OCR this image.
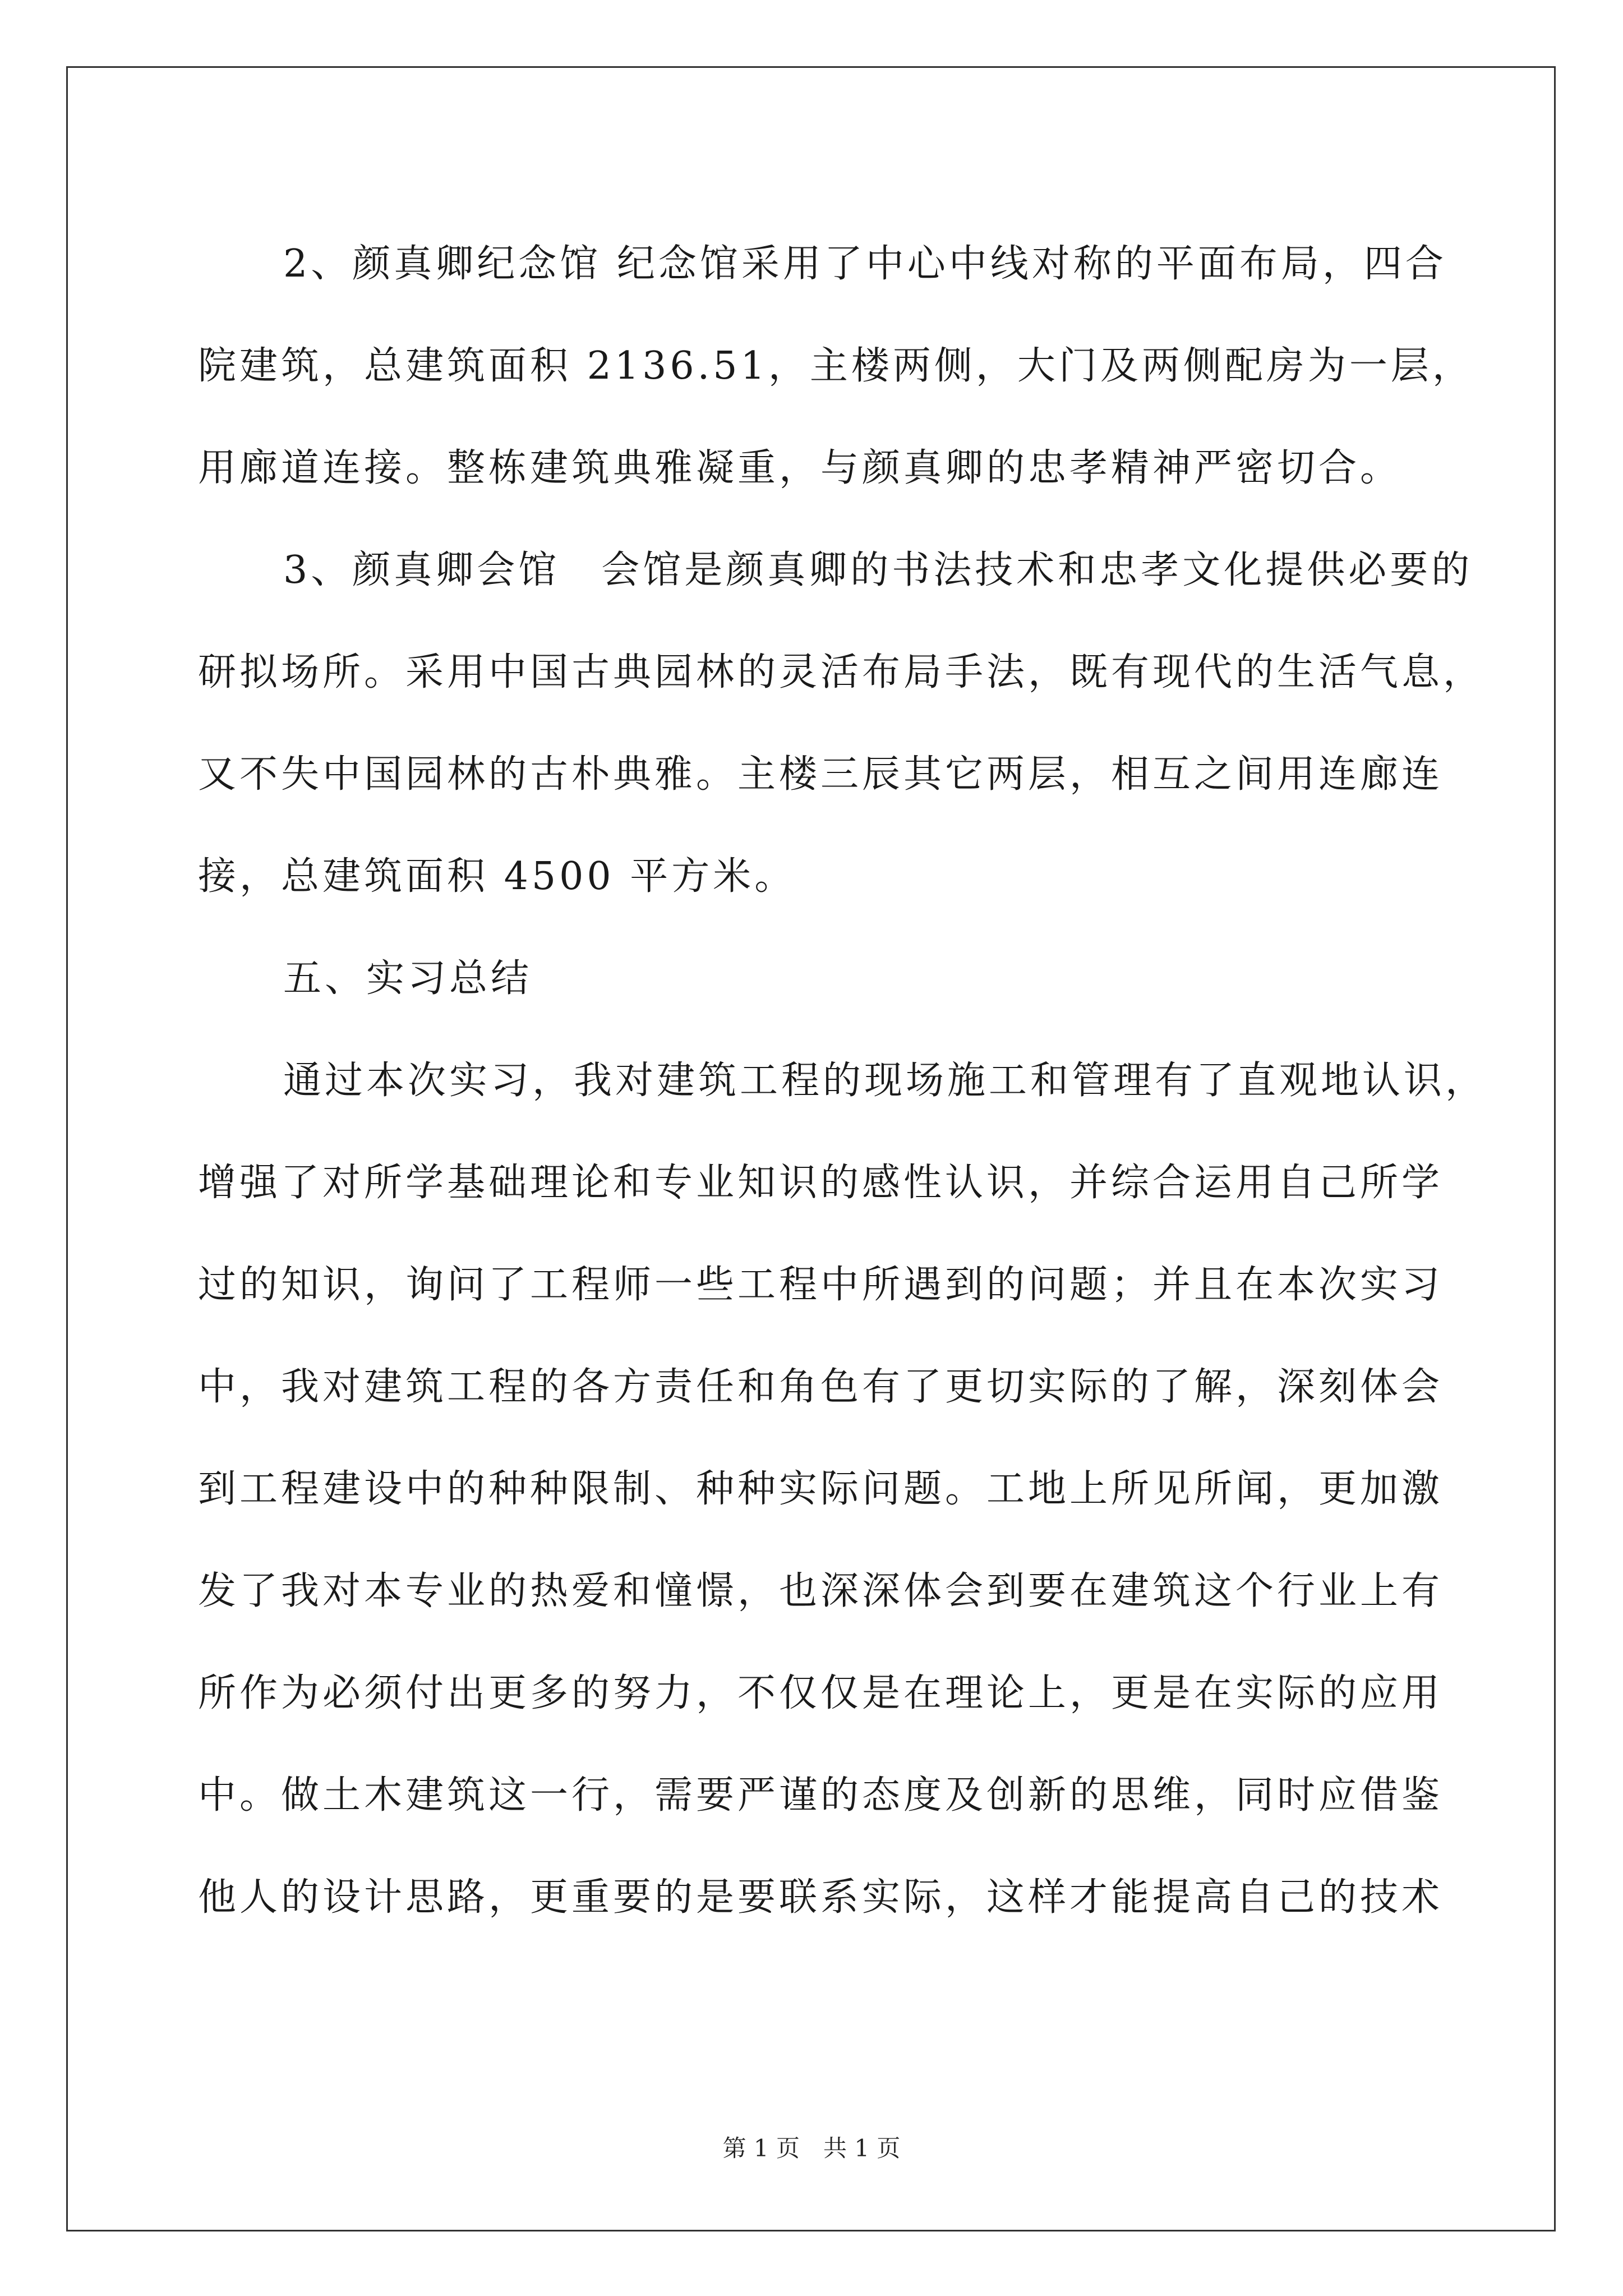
2、颜真卿纪念馆 纪念馆采用了中心中线对称的平面布局，四合
院建筑，总建筑面积 2136.51，主楼两侧，大门及两侧配房为一层，
用廊道连接。整栋建筑典雅凝重，与颜真卿的忠孝精神严密切合。
3、颜真卿会馆　会馆是颜真卿的书法技术和忠孝文化提供必要的
研拟场所。采用中国古典园林的灵活布局手法，既有现代的生活气息，
又不失中国园林的古朴典雅。主楼三辰其它两层，相互之间用连廊连
接，总建筑面积 4500 平方米。
五、实习总结
通过本次实习，我对建筑工程的现场施工和管理有了直观地认识，
增强了对所学基础理论和专业知识的感性认识，并综合运用自己所学
过的知识，询问了工程师一些工程中所遇到的问题；并且在本次实习
中，我对建筑工程的各方责任和角色有了更切实际的了解，深刻体会
到工程建设中的种种限制、种种实际问题。工地上所见所闻，更加激
发了我对本专业的热爱和憧憬，也深深体会到要在建筑这个行业上有
所作为必须付出更多的努力，不仅仅是在理论上，更是在实际的应用
中。做土木建筑这一行，需要严谨的态度及创新的思维，同时应借鉴
他人的设计思路，更重要的是要联系实际，这样才能提高自己的技术
第 1 页　共 1 页
